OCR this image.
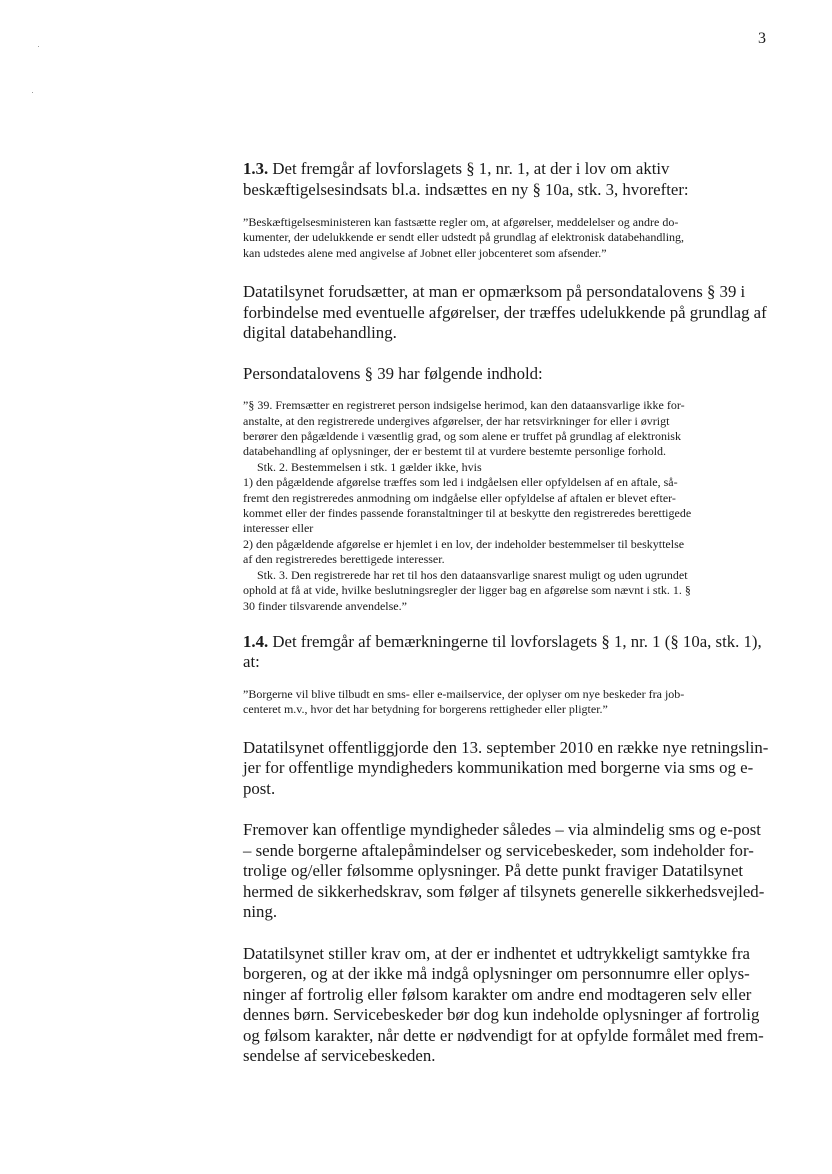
3

1.3. Det fremgår af lovforslagets § 1, nr. 1, at der i lov om aktiv
beskæftigelsesindsats bl.a. indsættes en ny § 10a, stk. 3, hvorefter:

”Beskæftigelsesministeren kan fastsætte regler om, at afgørelser, meddelelser og andre do-
kumenter, der udelukkende er sendt eller udstedt på grundlag af elektronisk databehandling,
kan udstedes alene med angivelse af Jobnet eller jobcenteret som afsender.”

Datatilsynet forudsætter, at man er opmærksom på persondatalovens § 39 i
forbindelse med eventuelle afgørelser, der træffes udelukkende på grundlag af
digital databehandling.

Persondatalovens § 39 har følgende indhold:

”§ 39. Fremsætter en registreret person indsigelse herimod, kan den dataansvarlige ikke for-
anstalte, at den registrerede undergives afgørelser, der har retsvirkninger for eller i øvrigt
berører den pågældende i væsentlig grad, og som alene er truffet på grundlag af elektronisk
databehandling af oplysninger, der er bestemt til at vurdere bestemte personlige forhold.
Stk. 2. Bestemmelsen i stk. 1 gælder ikke, hvis
1) den pågældende afgørelse træffes som led i indgåelsen eller opfyldelsen af en aftale, så-
fremt den registreredes anmodning om indgåelse eller opfyldelse af aftalen er blevet efter-
kommet eller der findes passende foranstaltninger til at beskytte den registreredes berettigede
interesser eller
2) den pågældende afgørelse er hjemlet i en lov, der indeholder bestemmelser til beskyttelse
af den registreredes berettigede interesser.
Stk. 3. Den registrerede har ret til hos den dataansvarlige snarest muligt og uden ugrundet
ophold at få at vide, hvilke beslutningsregler der ligger bag en afgørelse som nævnt i stk. 1. §
30 finder tilsvarende anvendelse.”

1.4. Det fremgår af bemærkningerne til lovforslagets § 1, nr. 1 (§ 10a, stk. 1),
at:

”Borgerne vil blive tilbudt en sms- eller e-mailservice, der oplyser om nye beskeder fra job-
centeret m.v., hvor det har betydning for borgerens rettigheder eller pligter.”

Datatilsynet offentliggjorde den 13. september 2010 en række nye retningslin-
jer for offentlige myndigheders kommunikation med borgerne via sms og e-
post.

Fremover kan offentlige myndigheder således – via almindelig sms og e-post
– sende borgerne aftalepåmindelser og servicebeskeder, som indeholder for-
trolige og/eller følsomme oplysninger. På dette punkt fraviger Datatilsynet
hermed de sikkerhedskrav, som følger af tilsynets generelle sikkerhedsvejled-
ning.

Datatilsynet stiller krav om, at der er indhentet et udtrykkeligt samtykke fra
borgeren, og at der ikke må indgå oplysninger om personnumre eller oplys-
ninger af fortrolig eller følsom karakter om andre end modtageren selv eller
dennes børn. Servicebeskeder bør dog kun indeholde oplysninger af fortrolig
og følsom karakter, når dette er nødvendigt for at opfylde formålet med frem-
sendelse af servicebeskeden.
